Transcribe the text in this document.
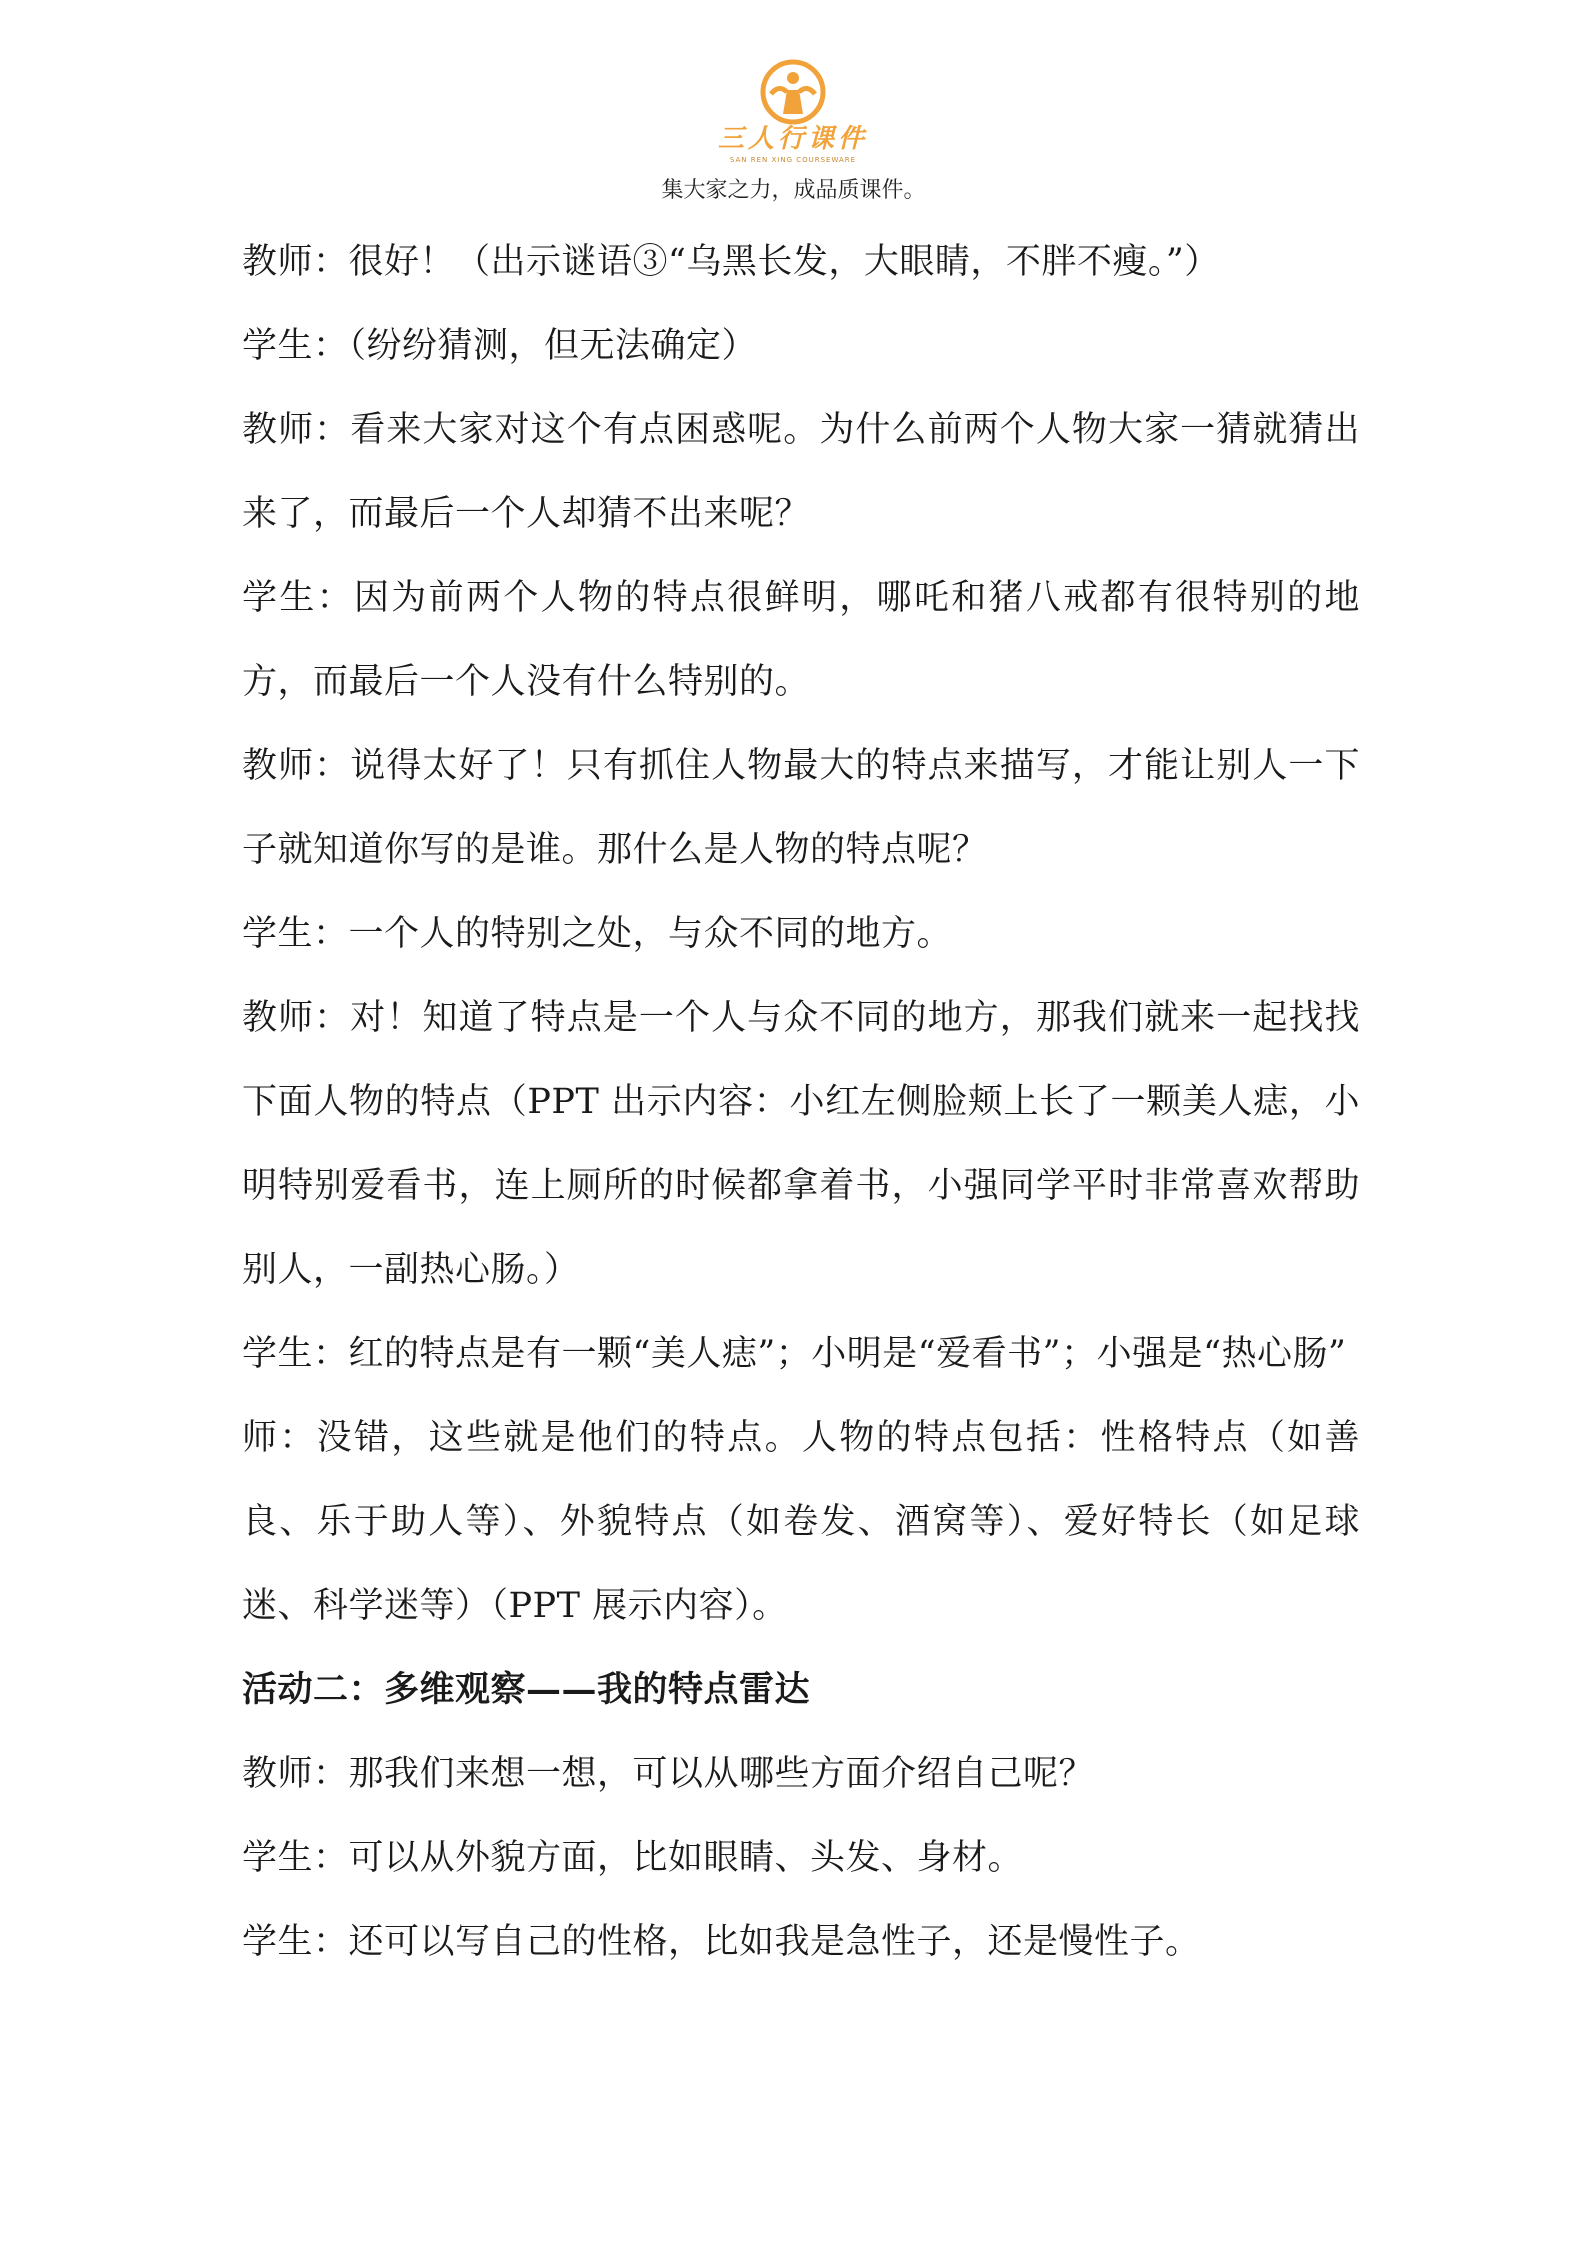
三人行课件
SAN REN XING COURSEWARE
集大家之力，成品质课件。

教师：很好！（出示谜语③“乌黑长发，大眼睛，不胖不瘦。”）

学生：（纷纷猜测，但无法确定）

教师：看来大家对这个有点困惑呢。为什么前两个人物大家一猜就猜出来了，而最后一个人却猜不出来呢？

学生：因为前两个人物的特点很鲜明，哪吒和猪八戒都有很特别的地方，而最后一个人没有什么特别的。

教师：说得太好了！只有抓住人物最大的特点来描写，才能让别人一下子就知道你写的是谁。那什么是人物的特点呢？

学生：一个人的特别之处，与众不同的地方。

教师：对！知道了特点是一个人与众不同的地方，那我们就来一起找找下面人物的特点（PPT 出示内容：小红左侧脸颊上长了一颗美人痣，小明特别爱看书，连上厕所的时候都拿着书，小强同学平时非常喜欢帮助别人，一副热心肠。）

学生：红的特点是有一颗“美人痣”；小明是“爱看书”；小强是“热心肠”

师：没错，这些就是他们的特点。人物的特点包括：性格特点（如善良、乐于助人等）、外貌特点（如卷发、酒窝等）、爱好特长（如足球迷、科学迷等）（PPT 展示内容）。

活动二：多维观察——我的特点雷达

教师：那我们来想一想，可以从哪些方面介绍自己呢？

学生：可以从外貌方面，比如眼睛、头发、身材。

学生：还可以写自己的性格，比如我是急性子，还是慢性子。
